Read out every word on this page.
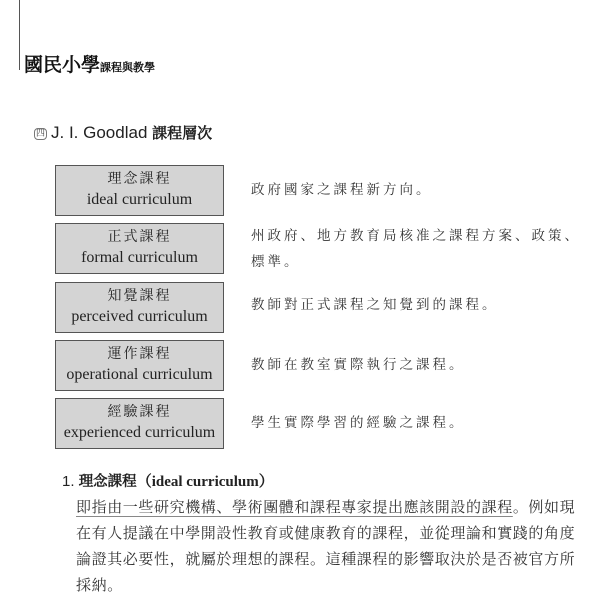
國民小學課程與教學
四 J. I. Goodlad 課程層次
理念課程
ideal curriculum
政府國家之課程新方向。
正式課程
formal curriculum
州政府、地方教育局核准之課程方案、政策、標準。
知覺課程
perceived curriculum
教師對正式課程之知覺到的課程。
運作課程
operational curriculum
教師在教室實際執行之課程。
經驗課程
experienced curriculum
學生實際學習的經驗之課程。
1. 理念課程（ideal curriculum）
即指由一些研究機構、學術團體和課程專家提出應該開設的課程。例如現在有人提議在中學開設性教育或健康教育的課程，並從理論和實踐的角度論證其必要性，就屬於理想的課程。這種課程的影響取決於是否被官方所採納。
